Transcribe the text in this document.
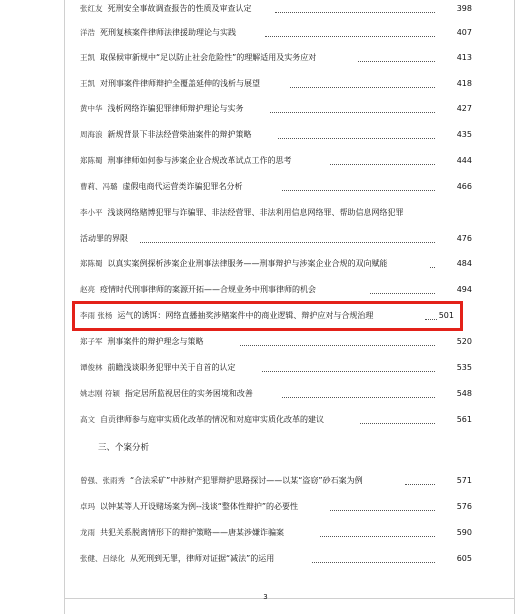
张红友 死刑安全事故调查报告的性质及审查认定	398
洋浩 死刑复核案件律师法律援助理论与实践	407
王凯 取保候审新规中“足以防止社会危险性”的理解适用及实务应对	413
王凯 对刑事案件律师辩护全覆盖延伸的浅析与展望	418
黄中华 浅析网络诈骗犯罪律师辩护理论与实务	427
周海浪 新规背景下非法经营柴油案件的辩护策略	435
郑陈蜀 刑事律师如何参与涉案企业合规改革试点工作的思考	444
曹莉、冯璐 虚假电商代运营类诈骗犯罪名分析	466
李小平 浅谈网络赌博犯罪与诈骗罪、非法经营罪、非法利用信息网络罪、帮助信息网络犯罪
活动罪的界限	476
郑陈蜀 以真实案例探析涉案企业刑事法律服务——刑事辩护与涉案企业合规的双向赋能	484
赵亮 疫情时代刑事律师的案源开拓——合规业务中刑事律师的机会	494
李雨 张杨 运气的诱饵：网络直播抽奖涉赌案件中的商业逻辑、辩护应对与合规治理	501
郑子军 刑事案件的辩护理念与策略	520
谭俊林 前瞻浅谈职务犯罪中关于自首的认定	535
姚志刚 符颖 指定居所监视居住的实务困境和改善	548
高文 自贡律师参与庭审实质化改革的情况和对庭审实质化改革的建议	561
三、个案分析
曾强、张雨秀 “合法采矿”中涉财产犯罪辩护思路探讨——以某“盗窃”砂石案为例	571
卓玛 以钟某等人开设赌场案为例--浅谈“整体性辩护”的必要性	576
龙雨 共犯关系脱离情形下的辩护策略——唐某涉嫌诈骗案	590
张健、吕绿化 从死刑到无罪，律师对证据“减法”的运用	605
3
